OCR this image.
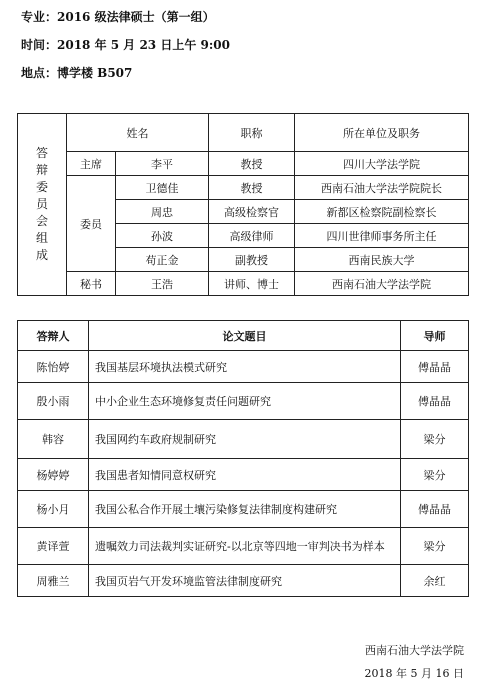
专业：2016 级法律硕士（第一组）
时间：2018 年 5 月 23 日上午 9:00
地点：博学楼 B507
答辩委员会组成	姓名		职称	所在单位及职务
	主席	李平	教授	四川大学法学院
	委员	卫德佳	教授	西南石油大学法学院院长
		周忠	高级检察官	新都区检察院副检察长
		孙波	高级律师	四川世律师事务所主任
		苟正金	副教授	西南民族大学
	秘书	王浩	讲师、博士	西南石油大学法学院
答辩人	论文题目	导师
陈怡婷	我国基层环境执法模式研究	傅晶晶
殷小雨	中小企业生态环境修复责任问题研究	傅晶晶
韩容	我国网约车政府规制研究	梁分
杨婷婷	我国患者知情同意权研究	梁分
杨小月	我国公私合作开展土壤污染修复法律制度构建研究	傅晶晶
黄译萱	遗嘱效力司法裁判实证研究-以北京等四地一审判决书为样本	梁分
周雅兰	我国页岩气开发环境监管法律制度研究	余红
西南石油大学法学院
2018 年 5 月 16 日
